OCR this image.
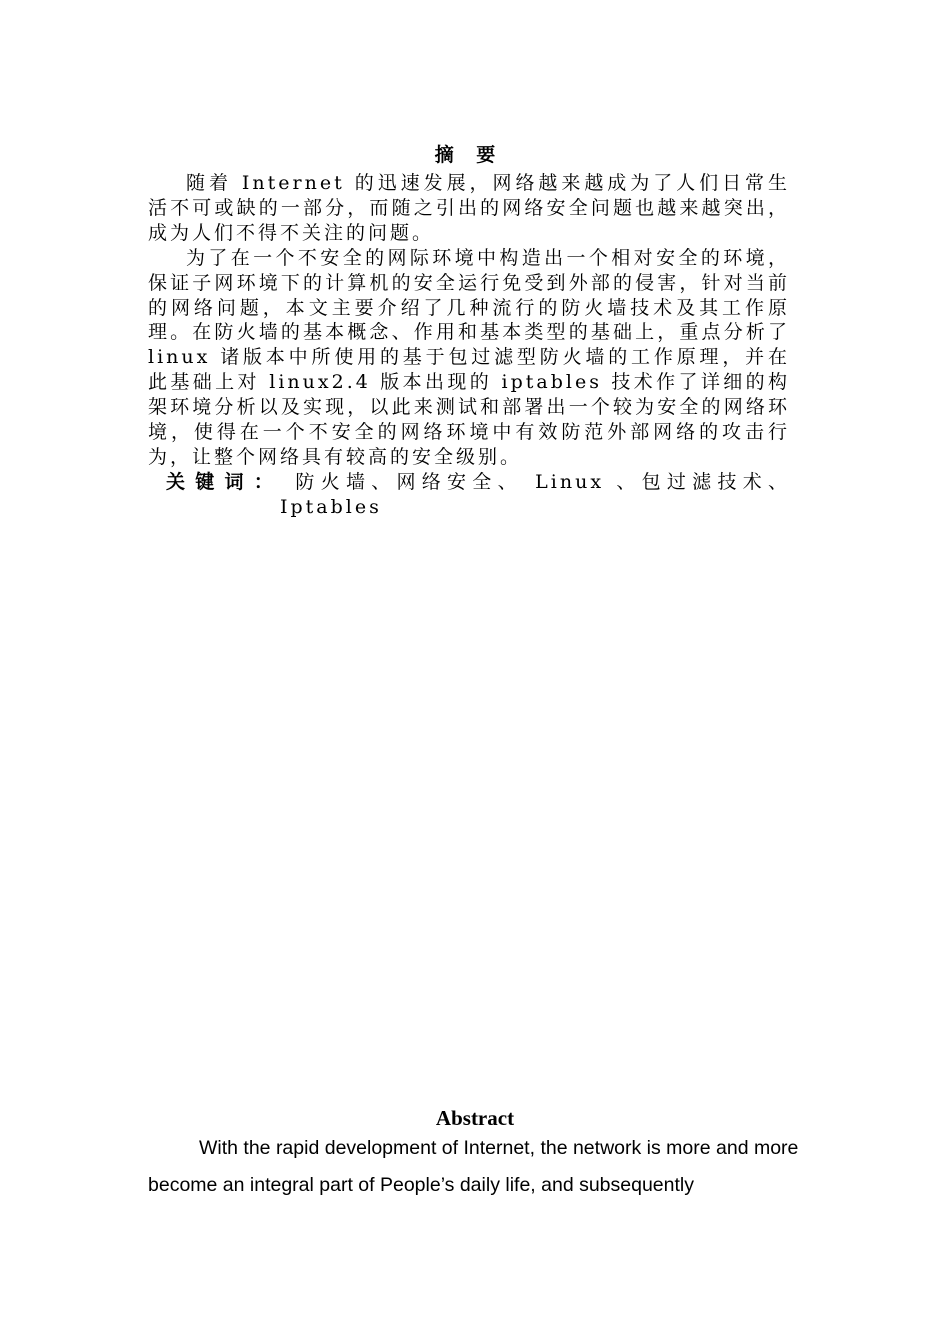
摘 要

随着 Internet 的迅速发展，网络越来越成为了人们日常生活不可或缺的一部分，而随之引出的网络安全问题也越来越突出，成为人们不得不关注的问题。

为了在一个不安全的网际环境中构造出一个相对安全的环境，保证子网环境下的计算机的安全运行免受到外部的侵害，针对当前的网络问题，本文主要介绍了几种流行的防火墙技术及其工作原理。在防火墙的基本概念、作用和基本类型的基础上，重点分析了 linux 诸版本中所使用的基于包过滤型防火墙的工作原理，并在此基础上对 linux2.4 版本出现的 iptables 技术作了详细的构架环境分析以及实现，以此来测试和部署出一个较为安全的网络环境，使得在一个不安全的网络环境中有效防范外部网络的攻击行为，让整个网络具有较高的安全级别。

关键词： 防火墙、网络安全、 Linux 、包过滤技术、 Iptables

Abstract

With the rapid development of Internet, the network is more and more become an integral part of People’s daily life, and subsequently
